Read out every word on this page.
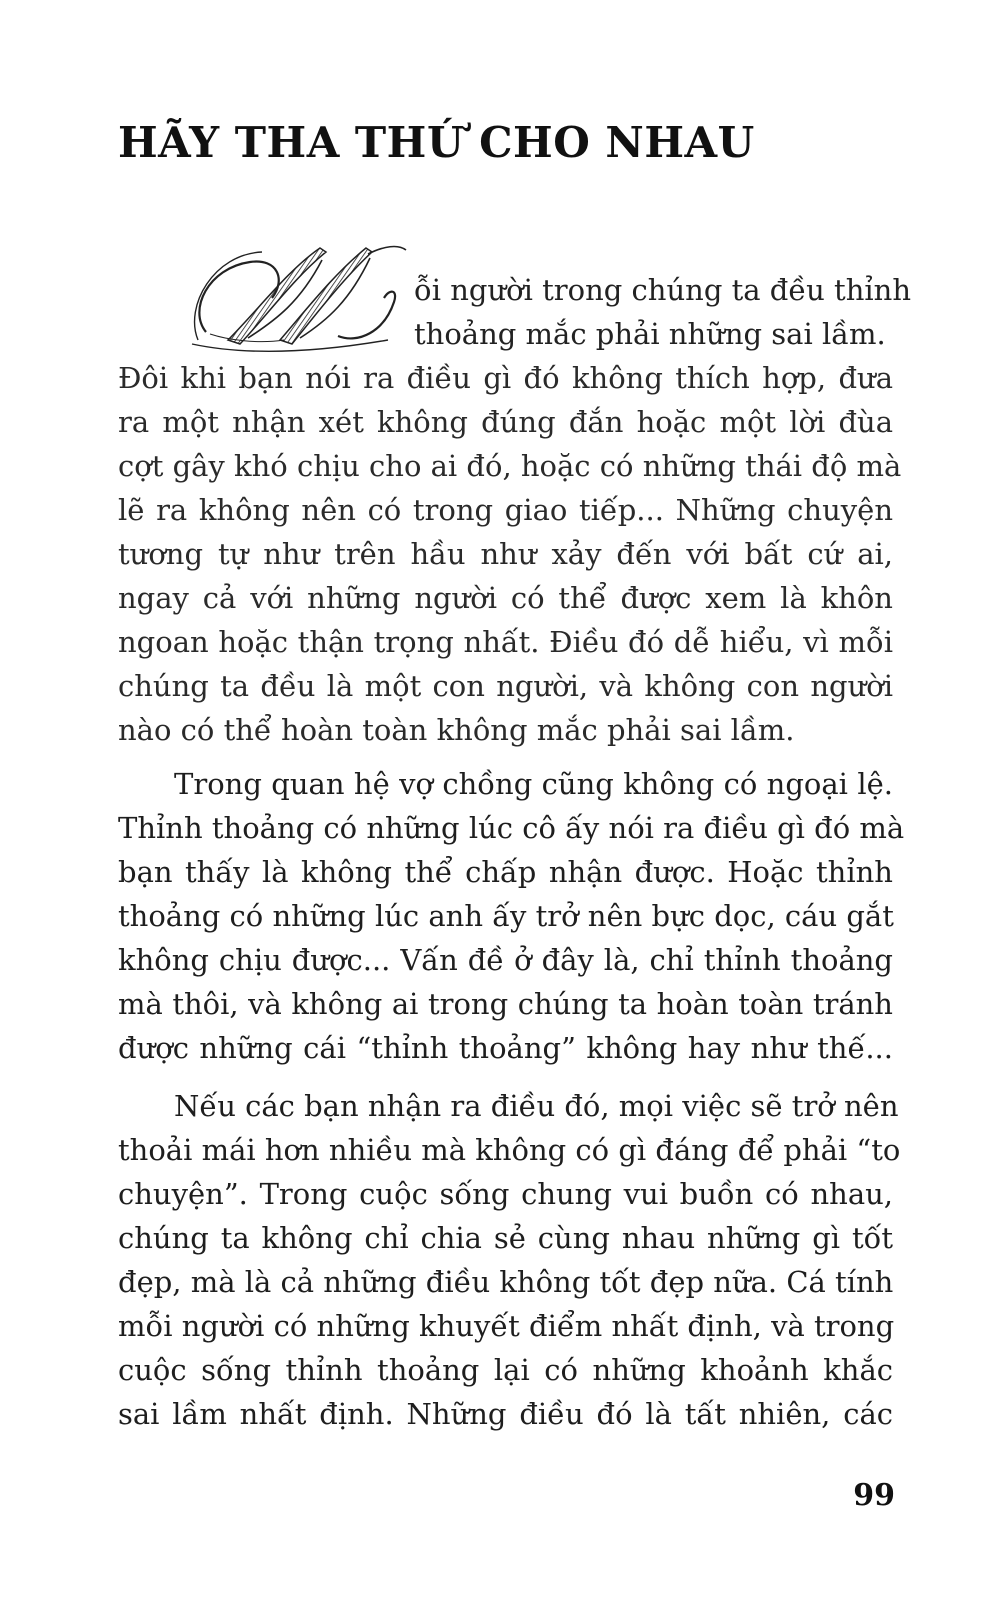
HÃY THA THỨ CHO NHAU

ỗi người trong chúng ta đều thỉnh

thoảng mắc phải những sai lầm.

Đôi khi bạn nói ra điều gì đó không thích hợp, đưa
ra một nhận xét không đúng đắn hoặc một lời đùa
cợt gây khó chịu cho ai đó, hoặc có những thái độ mà
lẽ ra không nên có trong giao tiếp... Những chuyện
tương tự như trên hầu như xảy đến với bất cứ ai,
ngay cả với những người có thể được xem là khôn
ngoan hoặc thận trọng nhất. Điều đó dễ hiểu, vì mỗi
chúng ta đều là một con người, và không con người
nào có thể hoàn toàn không mắc phải sai lầm.
Trong quan hệ vợ chồng cũng không có ngoại lệ.
Thỉnh thoảng có những lúc cô ấy nói ra điều gì đó mà
bạn thấy là không thể chấp nhận được. Hoặc thỉnh
thoảng có những lúc anh ấy trở nên bực dọc, cáu gắt
không chịu được... Vấn đề ở đây là, chỉ thỉnh thoảng
mà thôi, và không ai trong chúng ta hoàn toàn tránh
được những cái “thỉnh thoảng” không hay như thế...
Nếu các bạn nhận ra điều đó, mọi việc sẽ trở nên
thoải mái hơn nhiều mà không có gì đáng để phải “to
chuyện”. Trong cuộc sống chung vui buồn có nhau,
chúng ta không chỉ chia sẻ cùng nhau những gì tốt
đẹp, mà là cả những điều không tốt đẹp nữa. Cá tính
mỗi người có những khuyết điểm nhất định, và trong
cuộc sống thỉnh thoảng lại có những khoảnh khắc
sai lầm nhất định. Những điều đó là tất nhiên, các
99
